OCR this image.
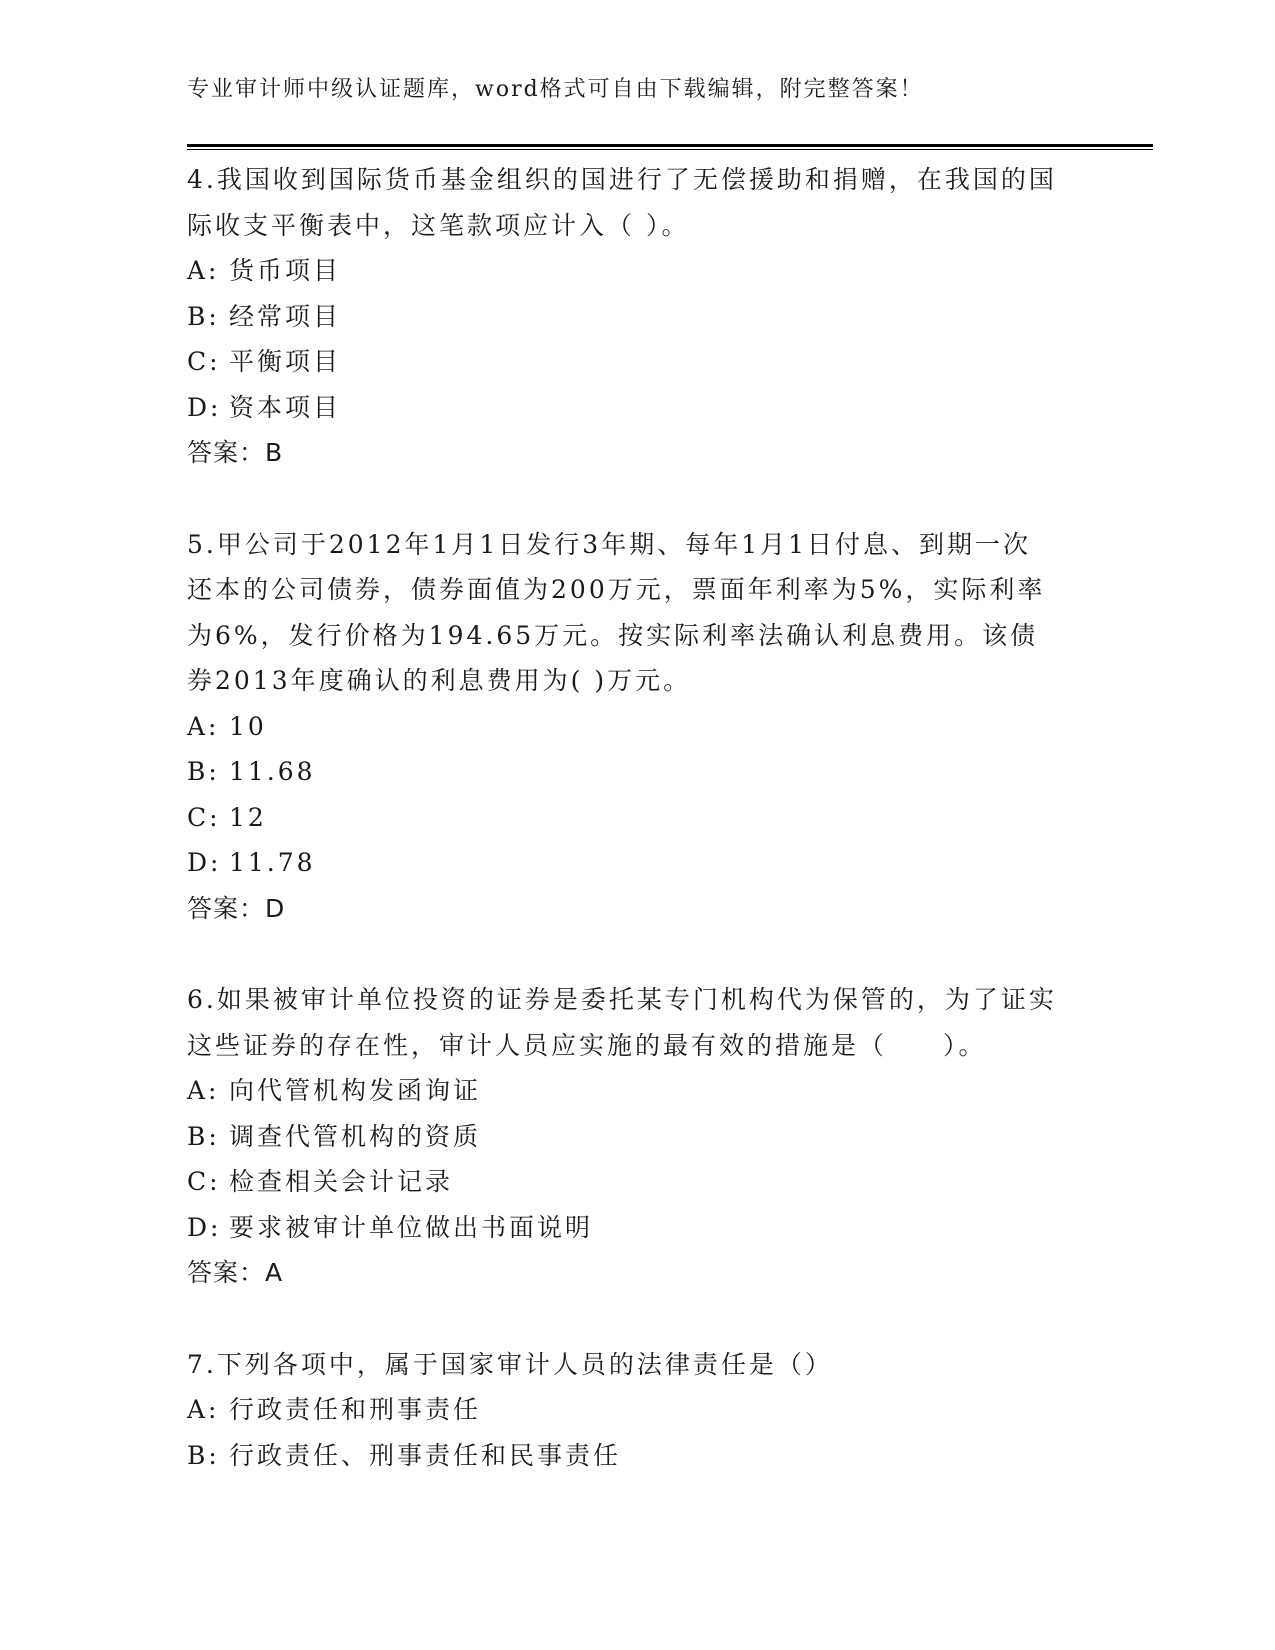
专业审计师中级认证题库，word格式可自由下载编辑，附完整答案！
4.我国收到国际货币基金组织的国进行了无偿援助和捐赠，在我国的国际收支平衡表中，这笔款项应计入（ ）。
A: 货币项目
B: 经常项目
C: 平衡项目
D: 资本项目
答案：B
5.甲公司于2012年1月1日发行3年期、每年1月1日付息、到期一次还本的公司债券，债券面值为200万元，票面年利率为5%，实际利率为6%，发行价格为194.65万元。按实际利率法确认利息费用。该债券2013年度确认的利息费用为( )万元。
A: 10
B: 11.68
C: 12
D: 11.78
答案：D
6.如果被审计单位投资的证券是委托某专门机构代为保管的，为了证实这些证券的存在性，审计人员应实施的最有效的措施是（　　）。
A: 向代管机构发函询证
B: 调查代管机构的资质
C: 检查相关会计记录
D: 要求被审计单位做出书面说明
答案：A
7.下列各项中，属于国家审计人员的法律责任是（）
A: 行政责任和刑事责任
B: 行政责任、刑事责任和民事责任
